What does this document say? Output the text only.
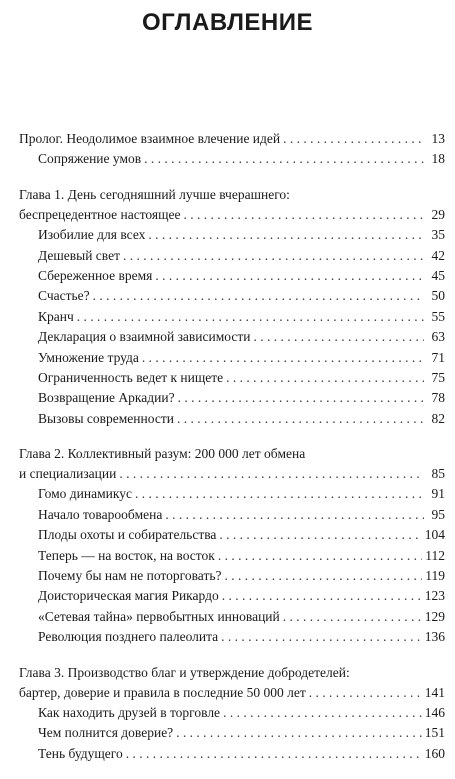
ОГЛАВЛЕНИЕ
Пролог. Неодолимое взаимное влечение идей . . .	13
Сопряжение умов . . .	18
Глава 1. День сегодняшний лучше вчерашнего:
беспрецедентное настоящее . . .	29
Изобилие для всех . . .	35
Дешевый свет . . .	42
Сбереженное время . . .	45
Счастье? . . .	50
Кранч . . .	55
Декларация о взаимной зависимости . . .	63
Умножение труда . . .	71
Ограниченность ведет к нищете . . .	75
Возвращение Аркадии? . . .	78
Вызовы современности . . .	82
Глава 2. Коллективный разум: 200 000 лет обмена
и специализации . . .	85
Гомо динамикус . . .	91
Начало товарообмена . . .	95
Плоды охоты и собирательства . . .	104
Теперь — на восток, на восток . . .	112
Почему бы нам не поторговать? . . .	119
Доисторическая магия Рикардо . . .	123
«Сетевая тайна» первобытных инноваций . . .	129
Революция позднего палеолита . . .	136
Глава 3. Производство благ и утверждение добродетелей:
бартер, доверие и правила в последние 50 000 лет . . .	141
Как находить друзей в торговле . . .	146
Чем полнится доверие? . . .	151
Тень будущего . . .	160
